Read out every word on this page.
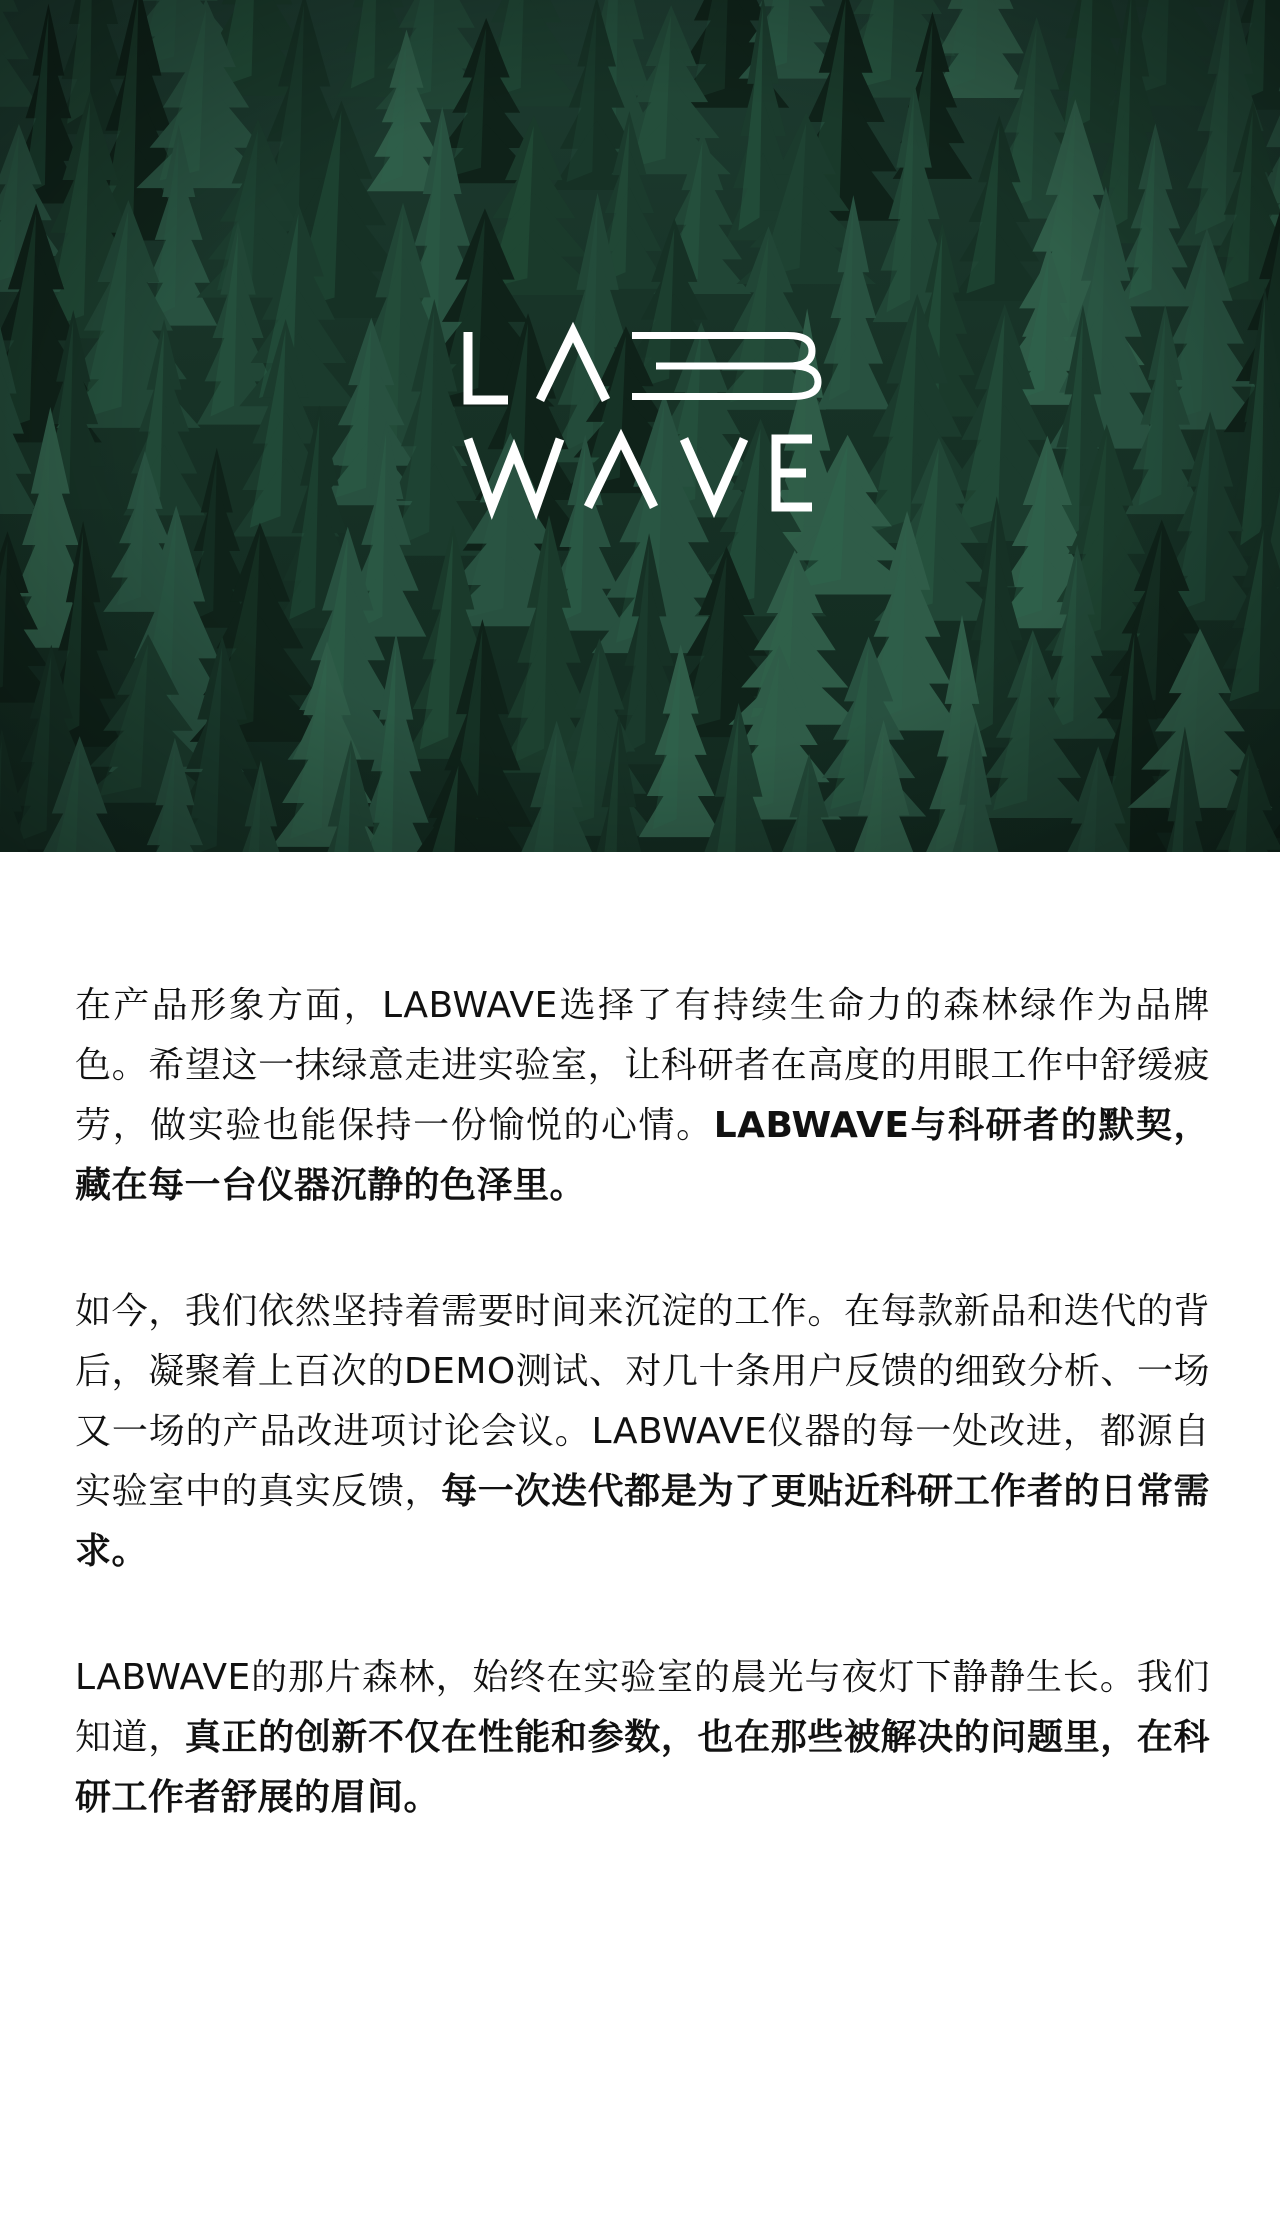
在产品形象方面，LABWAVE选择了有持续生命力的森林绿作为品牌色。希望这一抹绿意走进实验室，让科研者在高度的用眼工作中舒缓疲劳，做实验也能保持一份愉悦的心情。LABWAVE与科研者的默契，藏在每一台仪器沉静的色泽里。

如今，我们依然坚持着需要时间来沉淀的工作。在每款新品和迭代的背后，凝聚着上百次的DEMO测试、对几十条用户反馈的细致分析、一场又一场的产品改进项讨论会议。LABWAVE仪器的每一处改进，都源自实验室中的真实反馈，每一次迭代都是为了更贴近科研工作者的日常需求。

LABWAVE的那片森林，始终在实验室的晨光与夜灯下静静生长。我们知道，真正的创新不仅在性能和参数，也在那些被解决的问题里，在科研工作者舒展的眉间。
